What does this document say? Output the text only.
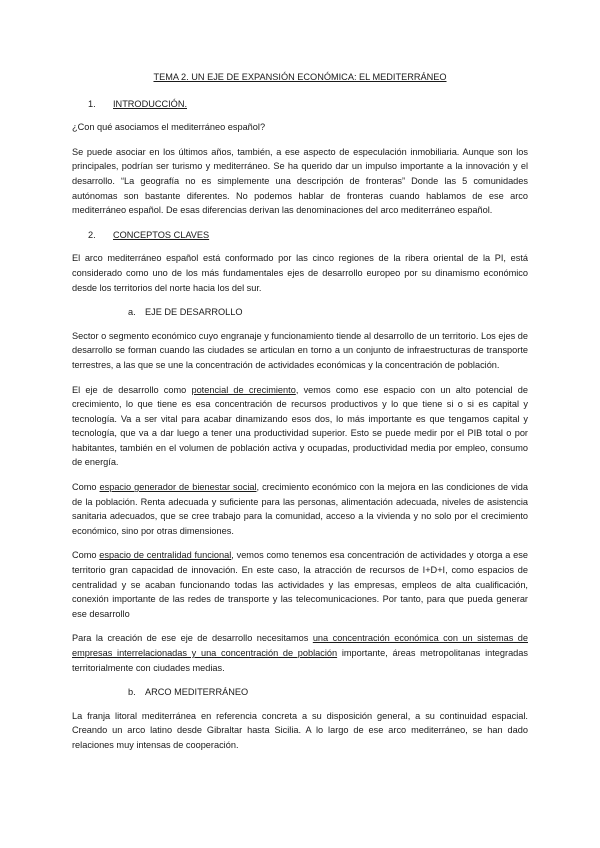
TEMA 2. UN EJE DE EXPANSIÓN ECONÓMICA: EL MEDITERRÁNEO
1. INTRODUCCIÓN.

¿Con qué asociamos el mediterráneo español?

Se puede asociar en los últimos años, también, a ese aspecto de especulación inmobiliaria. Aunque son los principales, podrían ser turismo y mediterráneo. Se ha querido dar un impulso importante a la innovación y el desarrollo. “La geografía no es simplemente una descripción de fronteras” Donde las 5 comunidades autónomas son bastante diferentes. No podemos hablar de fronteras cuando hablamos de ese arco mediterráneo español. De esas diferencias derivan las denominaciones del arco mediterráneo español.

2. CONCEPTOS CLAVES

El arco mediterráneo español está conformado por las cinco regiones de la ribera oriental de la PI, está considerado como uno de los más fundamentales ejes de desarrollo europeo por su dinamismo económico desde los territorios del norte hacia los del sur.

a. EJE DE DESARROLLO

Sector o segmento económico cuyo engranaje y funcionamiento tiende al desarrollo de un territorio. Los ejes de desarrollo se forman cuando las ciudades se articulan en torno a un conjunto de infraestructuras de transporte terrestres, a las que se une la concentración de actividades económicas y la concentración de población.

El eje de desarrollo como potencial de crecimiento, vemos como ese espacio con un alto potencial de crecimiento, lo que tiene es esa concentración de recursos productivos y lo que tiene si o si es capital y tecnología. Va a ser vital para acabar dinamizando esos dos, lo más importante es que tengamos capital y tecnología, que va a dar luego a tener una productividad superior. Esto se puede medir por el PIB total o por habitantes, también en el volumen de población activa y ocupadas, productividad media por empleo, consumo de energía.

Como espacio generador de bienestar social, crecimiento económico con la mejora en las condiciones de vida de la población. Renta adecuada y suficiente para las personas, alimentación adecuada, niveles de asistencia sanitaria adecuados, que se cree trabajo para la comunidad, acceso a la vivienda y no solo por el crecimiento económico, sino por otras dimensiones.

Como espacio de centralidad funcional, vemos como tenemos esa concentración de actividades y otorga a ese territorio gran capacidad de innovación. En este caso, la atracción de recursos de I+D+I, como espacios de centralidad y se acaban funcionando todas las actividades y las empresas, empleos de alta cualificación, conexión importante de las redes de transporte y las telecomunicaciones. Por tanto, para que pueda generar ese desarrollo

Para la creación de ese eje de desarrollo necesitamos una concentración económica con un sistemas de empresas interrelacionadas y una concentración de población importante, áreas metropolitanas integradas territorialmente con ciudades medias.

b. ARCO MEDITERRÁNEO

La franja litoral mediterránea en referencia concreta a su disposición general, a su continuidad espacial. Creando un arco latino desde Gibraltar hasta Sicilia. A lo largo de ese arco mediterráneo, se han dado relaciones muy intensas de cooperación.
